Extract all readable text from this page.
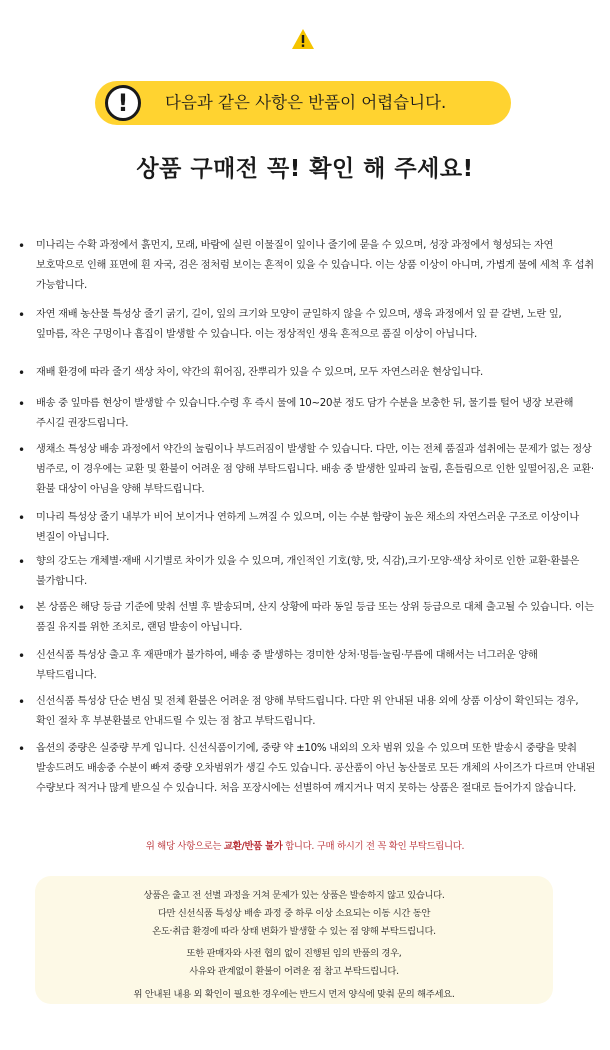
!	다음과 같은 사항은 반품이 어렵습니다.
상품 구매전 꼭! 확인 해 주세요!
• 미나리는 수확 과정에서 흙먼지, 모래, 바람에 실린 이물질이 잎이나 줄기에 묻을 수 있으며, 성장 과정에서 형성되는 자연 보호막으로 인해 표면에 흰 자국, 검은 점처럼 보이는 흔적이 있을 수 있습니다. 이는 상품 이상이 아니며, 가볍게 물에 세척 후 섭취 가능합니다.
• 자연 재배 농산물 특성상 줄기 굵기, 길이, 잎의 크기와 모양이 균일하지 않을 수 있으며, 생육 과정에서 잎 끝 갈변, 노란 잎, 잎마름, 작은 구멍이나 흠집이 발생할 수 있습니다. 이는 정상적인 생육 흔적으로 품질 이상이 아닙니다.
• 재배 환경에 따라 줄기 색상 차이, 약간의 휘어짐, 잔뿌리가 있을 수 있으며, 모두 자연스러운 현상입니다.
• 배송 중 잎마름 현상이 발생할 수 있습니다.수령 후 즉시 물에 10~20분 정도 담가 수분을 보충한 뒤, 물기를 털어 냉장 보관해 주시길 권장드립니다.
• 생채소 특성상 배송 과정에서 약간의 눌림이나 부드러짐이 발생할 수 있습니다. 다만, 이는 전체 품질과 섭취에는 문제가 없는 정상 범주로, 이 경우에는 교환 및 환불이 어려운 점 양해 부탁드립니다. 배송 중 발생한 잎파리 눌림, 흔들림으로 인한 잎떨어짐,은 교환·환불 대상이 아님을 양해 부탁드립니다.
• 미나리 특성상 줄기 내부가 비어 보이거나 연하게 느껴질 수 있으며, 이는 수분 함량이 높은 채소의 자연스러운 구조로 이상이나 변질이 아닙니다.
• 향의 강도는 개체별·재배 시기별로 차이가 있을 수 있으며, 개인적인 기호(향, 맛, 식감),크기·모양·색상 차이로 인한 교환·환불은 불가합니다.
• 본 상품은 해당 등급 기준에 맞춰 선별 후 발송되며, 산지 상황에 따라 동일 등급 또는 상위 등급으로 대체 출고될 수 있습니다. 이는 품질 유지를 위한 조치로, 랜덤 발송이 아닙니다.
• 신선식품 특성상 출고 후 재판매가 불가하여, 배송 중 발생하는 경미한 상처·멍듬·눌림·무름에 대해서는 너그러운 양해 부탁드립니다.
• 신선식품 특성상 단순 변심 및 전체 환불은 어려운 점 양해 부탁드립니다. 다만 위 안내된 내용 외에 상품 이상이 확인되는 경우, 확인 절차 후 부분환불로 안내드릴 수 있는 점 참고 부탁드립니다.
• 옵션의 중량은 실중량 무게 입니다. 신선식품이기에, 중량 약 ±10% 내외의 오차 범위 있을 수 있으며 또한 발송시 중량을 맞춰 발송드려도 배송중 수분이 빠져 중량 오차범위가 생길 수도 있습니다. 공산품이 아닌 농산물로 모든 개체의 사이즈가 다르며 안내된 수량보다 적거나 많게 받으실 수 있습니다. 처음 포장시에는 선별하여 깨지거나 먹지 못하는 상품은 절대로 들어가지 않습니다.
위 해당 사항으로는 교환/반품 불가 합니다. 구매 하시기 전 꼭 확인 부탁드립니다.
상품은 출고 전 선별 과정을 거쳐 문제가 있는 상품은 발송하지 않고 있습니다.
다만 신선식품 특성상 배송 과정 중 하루 이상 소요되는 이동 시간 동안
온도·취급 환경에 따라 상태 변화가 발생할 수 있는 점 양해 부탁드립니다.
또한 판매자와 사전 협의 없이 진행된 임의 반품의 경우,
사유와 관계없이 환불이 어려운 점 참고 부탁드립니다.
위 안내된 내용 외 확인이 필요한 경우에는 반드시 먼저 양식에 맞춰 문의 해주세요.
